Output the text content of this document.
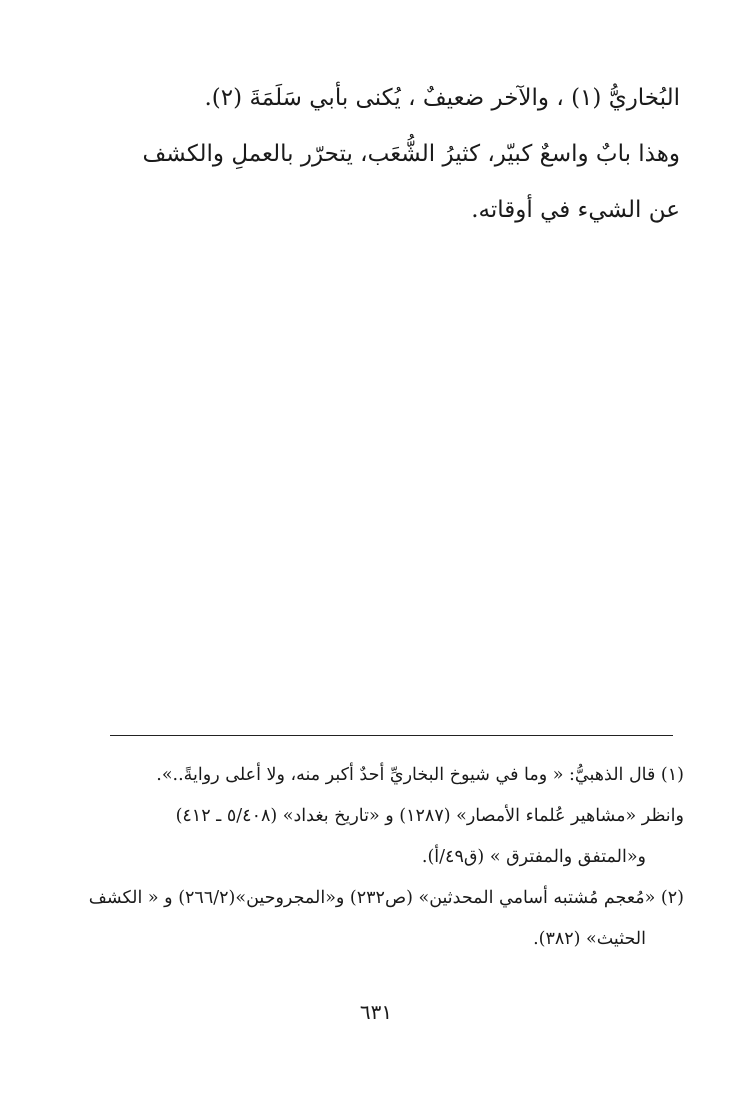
البُخاريُّ (١) ، والآخر ضعيفٌ ، يُكنى بأبي سَلَمَةَ (٢).
وهذا بابٌ واسعٌ كبيّر، كثيرُ الشُّعَب، يتحرّر بالعملِ والكشف
عن الشيء في أوقاته.
(١) قال الذهبيُّ: « وما في شيوخ البخاريِّ أحدٌ أكبر منه، ولا أعلى روايةً..».
وانظر «مشاهير عُلماء الأمصار» (١٢٨٧) و «تاريخ بغداد» (٥/٤٠٨ ـ ٤١٢)
و«المتفق والمفترق » (ق٤٩/أ).
(٢) «مُعجم مُشتبه أسامي المحدثين» (ص٢٣٢) و«المجروحين»(٢٦٦/٢) و « الكشف
الحثيث» (٣٨٢).
٦٣١
